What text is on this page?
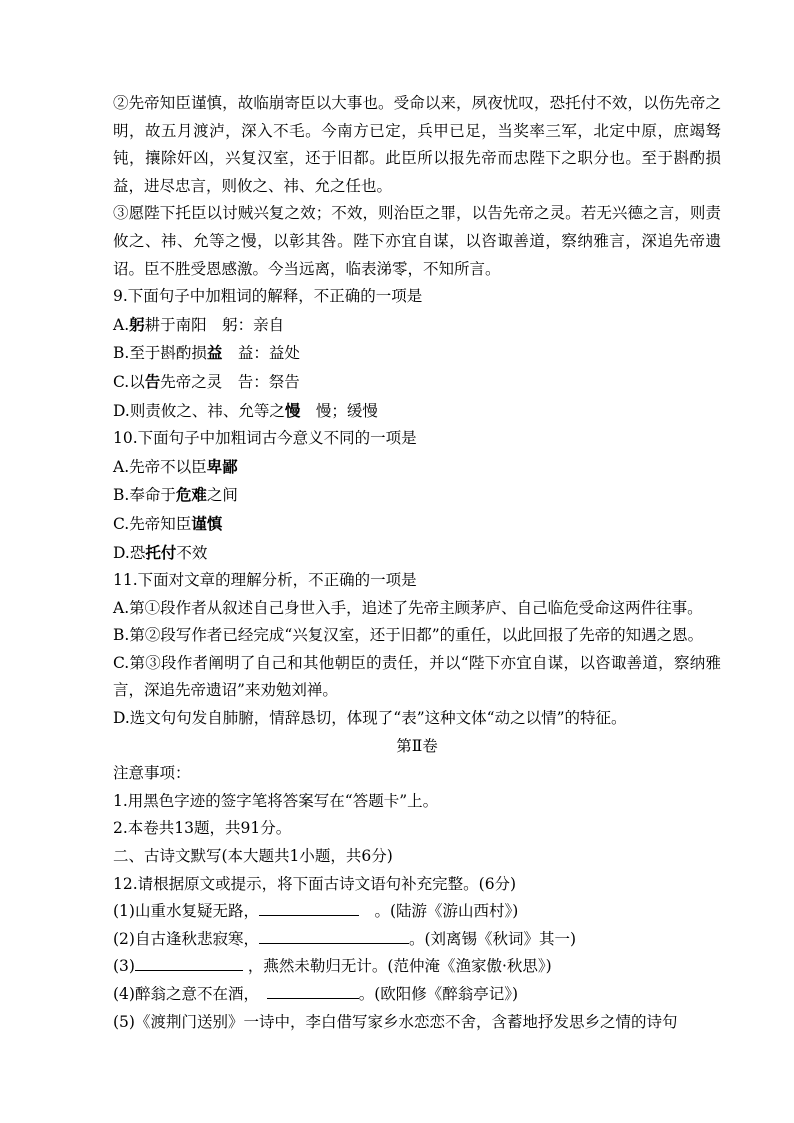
②先帝知臣谨慎，故临崩寄臣以大事也。受命以来，夙夜忧叹，恐托付不效，以伤先帝之明，故五月渡泸，深入不毛。今南方已定，兵甲已足，当奖率三军，北定中原，庶竭驽钝，攘除奸凶，兴复汉室，还于旧都。此臣所以报先帝而忠陛下之职分也。至于斟酌损益，进尽忠言，则攸之、祎、允之任也。

③愿陛下托臣以讨贼兴复之效；不效，则治臣之罪，以告先帝之灵。若无兴德之言，则责攸之、祎、允等之慢，以彰其咎。陛下亦宜自谋，以咨诹善道，察纳雅言，深追先帝遗诏。臣不胜受恩感激。今当远离，临表涕零，不知所言。

9.下面句子中加粗词的解释，不正确的一项是

A.躬耕于南阳　躬：亲自

B.至于斟酌损益　益：益处

C.以告先帝之灵　告：祭告

D.则责攸之、祎、允等之慢　慢；缓慢

10.下面句子中加粗词古今意义不同的一项是

A.先帝不以臣卑鄙

B.奉命于危难之间

C.先帝知臣谨慎

D.恐托付不效

11.下面对文章的理解分析，不正确的一项是

A.第①段作者从叙述自己身世入手，追述了先帝主顾茅庐、自己临危受命这两件往事。

B.第②段写作者已经完成“兴复汉室，还于旧都”的重任，以此回报了先帝的知遇之恩。

C.第③段作者阐明了自己和其他朝臣的责任，并以“陛下亦宜自谋，以咨诹善道，察纳雅言，深追先帝遗诏”来劝勉刘禅。

D.选文句句发自肺腑，情辞恳切，体现了“表”这种文体“动之以情”的特征。

第Ⅱ卷

注意事项：

1.用黑色字迹的签字笔将答案写在“答题卡”上。

2.本卷共13题，共91分。

二、古诗文默写(本大题共1小题，共6分)

12.请根据原文或提示，将下面古诗文语句补充完整。(6分)

(1)山重水复疑无路，	　。(陆游《游山西村》)

(2)自古逢秋悲寂寒，	。(刘离锡《秋词》其一)

(3)	，燕然未勒归无计。(范仲淹《渔家傲·秋思》)

(4)醉翁之意不在酒，　	。(欧阳修《醉翁亭记》)

(5)《渡荆门送别》一诗中，李白借写家乡水恋恋不舍，含蓄地抒发思乡之情的诗句
